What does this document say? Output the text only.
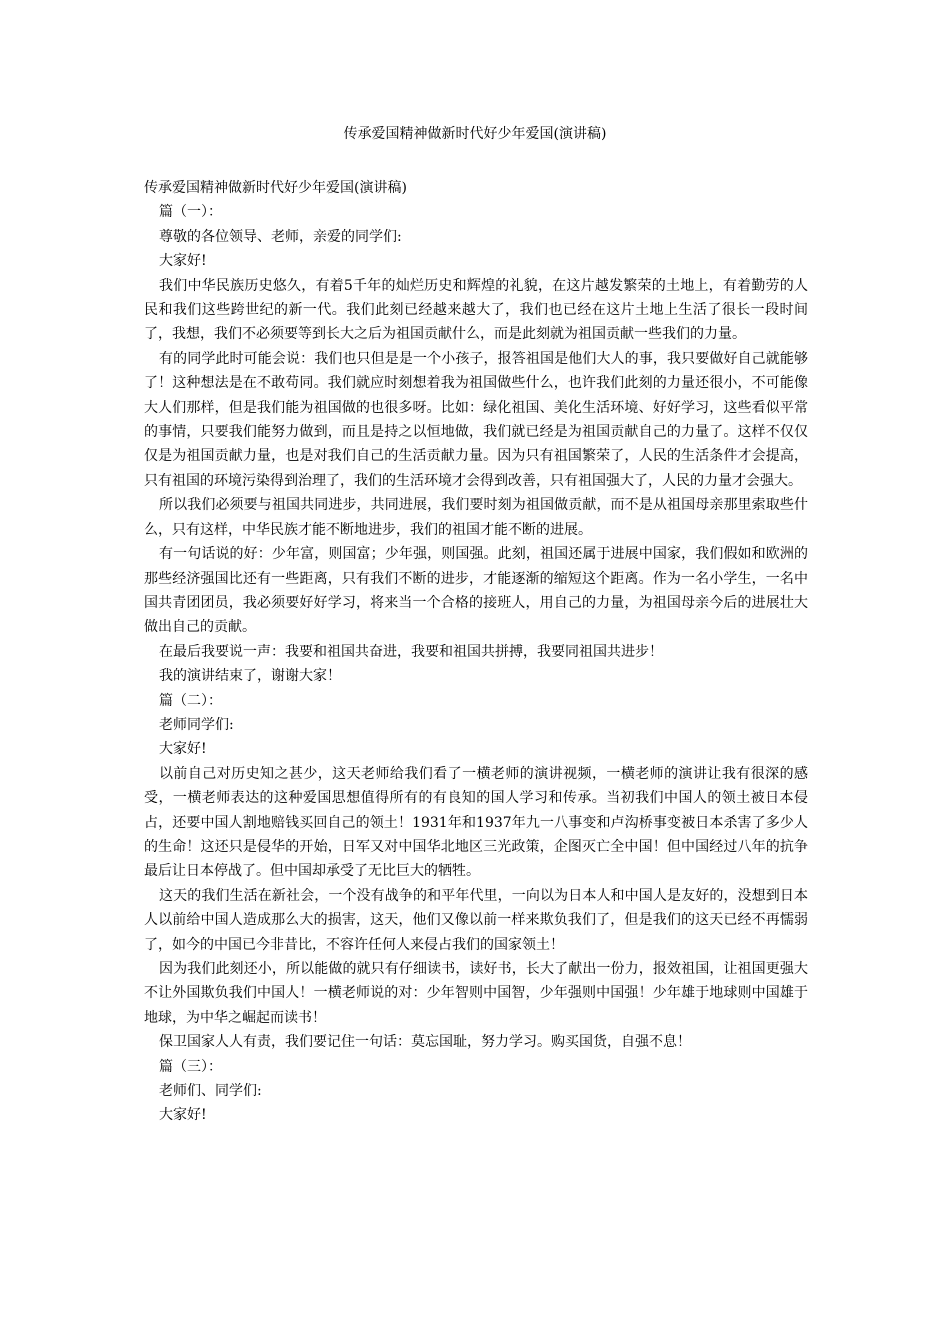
传承爱国精神做新时代好少年爱国(演讲稿)

传承爱国精神做新时代好少年爱国(演讲稿)

篇（一）：

尊敬的各位领导、老师，亲爱的同学们:

大家好!

我们中华民族历史悠久，有着5千年的灿烂历史和辉煌的礼貌，在这片越发繁荣的土地上，有着勤劳的人民和我们这些跨世纪的新一代。我们此刻已经越来越大了，我们也已经在这片土地上生活了很长一段时间了，我想，我们不必须要等到长大之后为祖国贡献什么，而是此刻就为祖国贡献一些我们的力量。

有的同学此时可能会说：我们也只但是是一个小孩子，报答祖国是他们大人的事，我只要做好自己就能够了！这种想法是在不敢苟同。我们就应时刻想着我为祖国做些什么，也许我们此刻的力量还很小，不可能像大人们那样，但是我们能为祖国做的也很多呀。比如：绿化祖国、美化生活环境、好好学习，这些看似平常的事情，只要我们能努力做到，而且是持之以恒地做，我们就已经是为祖国贡献自己的力量了。这样不仅仅仅是为祖国贡献力量，也是对我们自己的生活贡献力量。因为只有祖国繁荣了，人民的生活条件才会提高，只有祖国的环境污染得到治理了，我们的生活环境才会得到改善，只有祖国强大了，人民的力量才会强大。

所以我们必须要与祖国共同进步，共同进展，我们要时刻为祖国做贡献，而不是从祖国母亲那里索取些什么，只有这样，中华民族才能不断地进步，我们的祖国才能不断的进展。

有一句话说的好：少年富，则国富；少年强，则国强。此刻，祖国还属于进展中国家，我们假如和欧洲的那些经济强国比还有一些距离，只有我们不断的进步，才能逐渐的缩短这个距离。作为一名小学生，一名中国共青团团员，我必须要好好学习，将来当一个合格的接班人，用自己的力量，为祖国母亲今后的进展壮大做出自己的贡献。

在最后我要说一声：我要和祖国共奋进，我要和祖国共拼搏，我要同祖国共进步！

我的演讲结束了，谢谢大家！

篇（二）：

老师同学们:

大家好!

以前自己对历史知之甚少，这天老师给我们看了一横老师的演讲视频，一横老师的演讲让我有很深的感受，一横老师表达的这种爱国思想值得所有的有良知的国人学习和传承。当初我们中国人的领土被日本侵占，还要中国人割地赔钱买回自己的领土！1931年和1937年九一八事变和卢沟桥事变被日本杀害了多少人的生命！这还只是侵华的开始，日军又对中国华北地区三光政策，企图灭亡全中国！但中国经过八年的抗争最后让日本停战了。但中国却承受了无比巨大的牺牲。

这天的我们生活在新社会，一个没有战争的和平年代里，一向以为日本人和中国人是友好的，没想到日本人以前给中国人造成那么大的损害，这天，他们又像以前一样来欺负我们了，但是我们的这天已经不再懦弱了，如今的中国已今非昔比，不容许任何人来侵占我们的国家领土！

因为我们此刻还小，所以能做的就只有仔细读书，读好书，长大了献出一份力，报效祖国，让祖国更强大不让外国欺负我们中国人！一横老师说的对：少年智则中国智，少年强则中国强！少年雄于地球则中国雄于地球，为中华之崛起而读书！

保卫国家人人有责，我们要记住一句话：莫忘国耻，努力学习。购买国货，自强不息！

篇（三）：

老师们、同学们:

大家好!
